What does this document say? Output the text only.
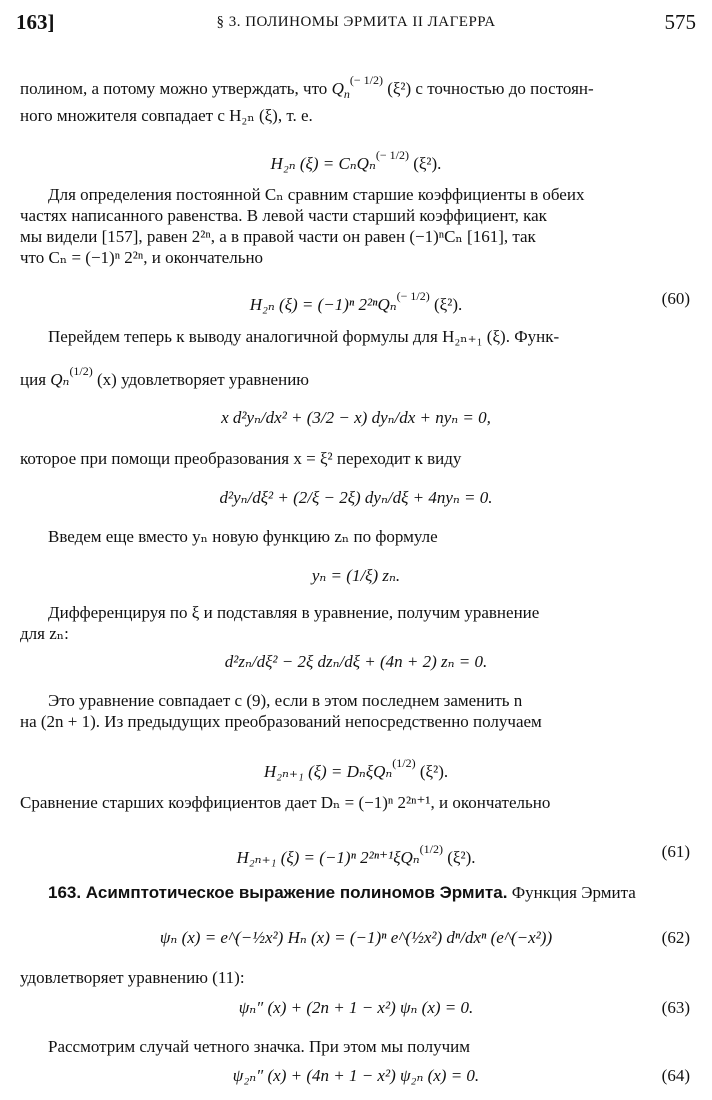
163]	§ 3. ПОЛИНОМЫ ЭРМИТА II ЛАГЕРРА	575
полином, а потому можно утверждать, что $Q_n^{(- 1/2)}$ (ξ²) с точностью до постоян-
ного множителя совпадает с H₂ₙ (ξ), т. е.
H₂ₙ (ξ) = CₙQₙ$^{(- 1/2)}$ (ξ²).
Для определения постоянной Cₙ сравним старшие коэффициенты в обеих
частях написанного равенства. В левой части старший коэффициент, как
мы видели [157], равен 2²ⁿ, а в правой части он равен (−1)ⁿCₙ [161], так
что Cₙ = (−1)ⁿ 2²ⁿ, и окончательно
H₂ₙ (ξ) = (−1)ⁿ 2²ⁿQₙ$^{(- 1/2)}$ (ξ²).	(60)
Перейдем теперь к выводу аналогичной формулы для H₂ₙ₊₁ (ξ). Функ-
ция Qₙ$^{(1/2)}$ (x) удовлетворяет уравнению
x d²yₙ/dx² + (3/2 − x) dyₙ/dx + nyₙ = 0,
которое при помощи преобразования x = ξ² переходит к виду
d²yₙ/dξ² + (2/ξ − 2ξ) dyₙ/dξ + 4nyₙ = 0.
Введем еще вместо yₙ новую функцию zₙ по формуле
yₙ = (1/ξ) zₙ.
Дифференцируя по ξ и подставляя в уравнение, получим уравнение
для zₙ:
d²zₙ/dξ² − 2ξ dzₙ/dξ + (4n + 2) zₙ = 0.
Это уравнение совпадает с (9), если в этом последнем заменить n
на (2n + 1). Из предыдущих преобразований непосредственно получаем
H₂ₙ₊₁ (ξ) = DₙξQₙ$^{(1/2)}$ (ξ²).
Сравнение старших коэффициентов дает Dₙ = (−1)ⁿ 2²ⁿ⁺¹, и окончательно
H₂ₙ₊₁ (ξ) = (−1)ⁿ 2²ⁿ⁺¹ξQₙ$^{(1/2)}$ (ξ²).	(61)
163. Асимптотическое выражение полиномов Эрмита. Функция Эрмита
ψₙ (x) = e^(−½x²) Hₙ (x) = (−1)ⁿ e^(½x²) dⁿ/dxⁿ (e^(−x²))	(62)
удовлетворяет уравнению (11):
ψₙ″ (x) + (2n + 1 − x²) ψₙ (x) = 0.	(63)
Рассмотрим случай четного значка. При этом мы получим
ψ₂ₙ″ (x) + (4n + 1 − x²) ψ₂ₙ (x) = 0.	(64)
